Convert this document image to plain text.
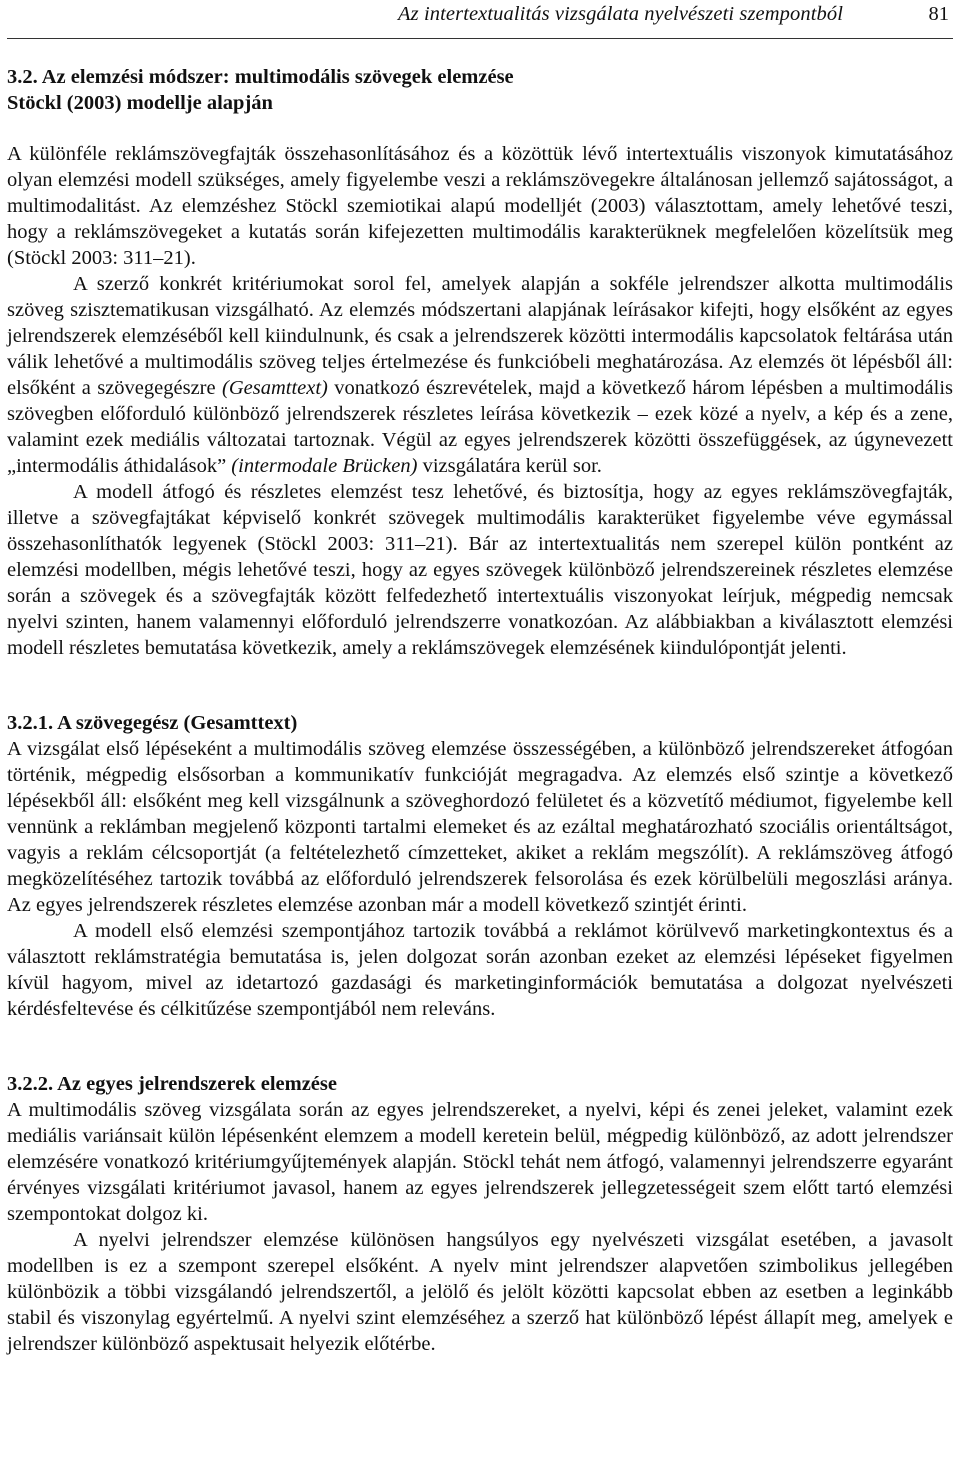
Az intertextualitás vizsgálata nyelvészeti szempontból	81
3.2. Az elemzési módszer: multimodális szövegek elemzése
Stöckl (2003) modellje alapján

A különféle reklámszövegfajták összehasonlításához és a közöttük lévő intertextuális viszonyok kimutatásához olyan elemzési modell szükséges, amely figyelembe veszi a reklámszövegekre általánosan jellemző sajátosságot, a multimodalitást. Az elemzéshez Stöckl szemiotikai alapú modelljét (2003) választottam, amely lehetővé teszi, hogy a reklámszövegeket a kutatás során kifejezetten multimodális karakterüknek megfelelően közelítsük meg (Stöckl 2003: 311–21).

A szerző konkrét kritériumokat sorol fel, amelyek alapján a sokféle jelrendszer alkotta multimodális szöveg szisztematikusan vizsgálható. Az elemzés módszertani alapjának leírásakor kifejti, hogy elsőként az egyes jelrendszerek elemzéséből kell kiindulnunk, és csak a jelrendszerek közötti intermodális kapcsolatok feltárása után válik lehetővé a multimodális szöveg teljes értelmezése és funkcióbeli meghatározása. Az elemzés öt lépésből áll: elsőként a szövegegészre (Gesamttext) vonatkozó észrevételek, majd a következő három lépésben a multimodális szövegben előforduló különböző jelrendszerek részletes leírása következik – ezek közé a nyelv, a kép és a zene, valamint ezek mediális változatai tartoznak. Végül az egyes jelrendszerek közötti összefüggések, az úgynevezett „intermodális áthidalások” (intermodale Brücken) vizsgálatára kerül sor.

A modell átfogó és részletes elemzést tesz lehetővé, és biztosítja, hogy az egyes reklámszövegfajták, illetve a szövegfajtákat képviselő konkrét szövegek multimodális karakterüket figyelembe véve egymással összehasonlíthatók legyenek (Stöckl 2003: 311–21). Bár az intertextualitás nem szerepel külön pontként az elemzési modellben, mégis lehetővé teszi, hogy az egyes szövegek különböző jelrendszereinek részletes elemzése során a szövegek és a szövegfajták között felfedezhető intertextuális viszonyokat leírjuk, mégpedig nemcsak nyelvi szinten, hanem valamennyi előforduló jelrendszerre vonatkozóan. Az alábbiakban a kiválasztott elemzési modell részletes bemutatása következik, amely a reklámszövegek elemzésének kiindulópontját jelenti.

3.2.1. A szövegegész (Gesamttext)

A vizsgálat első lépéseként a multimodális szöveg elemzése összességében, a különböző jelrendszereket átfogóan történik, mégpedig elsősorban a kommunikatív funkcióját megragadva. Az elemzés első szintje a következő lépésekből áll: elsőként meg kell vizsgálnunk a szöveghordozó felületet és a közvetítő médiumot, figyelembe kell vennünk a reklámban megjelenő központi tartalmi elemeket és az ezáltal meghatározható szociális orientáltságot, vagyis a reklám célcsoportját (a feltételezhető címzetteket, akiket a reklám megszólít). A reklámszöveg átfogó megközelítéséhez tartozik továbbá az előforduló jelrendszerek felsorolása és ezek körülbelüli megoszlási aránya. Az egyes jelrendszerek részletes elemzése azonban már a modell következő szintjét érinti.

A modell első elemzési szempontjához tartozik továbbá a reklámot körülvevő marketingkontextus és a választott reklámstratégia bemutatása is, jelen dolgozat során azonban ezeket az elemzési lépéseket figyelmen kívül hagyom, mivel az idetartozó gazdasági és marketinginformációk bemutatása a dolgozat nyelvészeti kérdésfeltevése és célkitűzése szempontjából nem releváns.

3.2.2. Az egyes jelrendszerek elemzése

A multimodális szöveg vizsgálata során az egyes jelrendszereket, a nyelvi, képi és zenei jeleket, valamint ezek mediális variánsait külön lépésenként elemzem a modell keretein belül, mégpedig különböző, az adott jelrendszer elemzésére vonatkozó kritériumgyűjtemények alapján. Stöckl tehát nem átfogó, valamennyi jelrendszerre egyaránt érvényes vizsgálati kritériumot javasol, hanem az egyes jelrendszerek jellegzetességeit szem előtt tartó elemzési szempontokat dolgoz ki.

A nyelvi jelrendszer elemzése különösen hangsúlyos egy nyelvészeti vizsgálat esetében, a javasolt modellben is ez a szempont szerepel elsőként. A nyelv mint jelrendszer alapvetően szimbolikus jellegében különbözik a többi vizsgálandó jelrendszertől, a jelölő és jelölt közötti kapcsolat ebben az esetben a leginkább stabil és viszonylag egyértelmű. A nyelvi szint elemzéséhez a szerző hat különböző lépést állapít meg, amelyek e jelrendszer különböző aspektusait helyezik előtérbe.
